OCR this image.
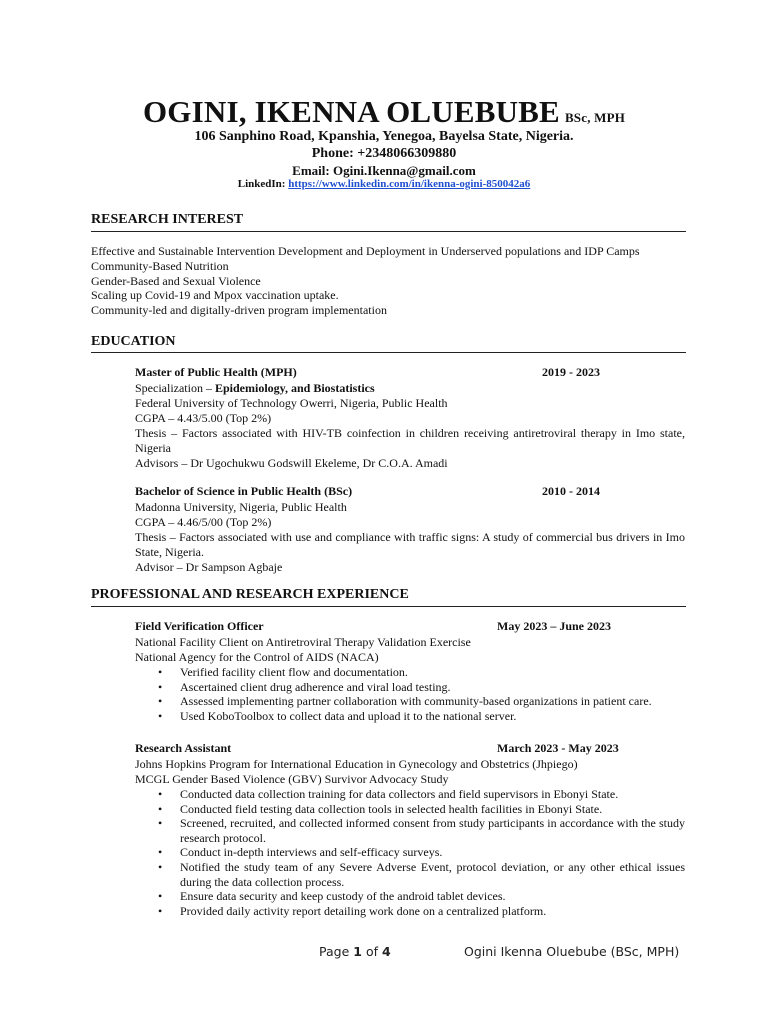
OGINI, IKENNA OLUEBUBE BSc, MPH
106 Sanphino Road, Kpanshia, Yenegoa, Bayelsa State, Nigeria.
Phone: +2348066309880
Email: Ogini.Ikenna@gmail.com
LinkedIn: https://www.linkedin.com/in/ikenna-ogini-850042a6
RESEARCH INTEREST
Effective and Sustainable Intervention Development and Deployment in Underserved populations and IDP Camps
Community-Based Nutrition
Gender-Based and Sexual Violence
Scaling up Covid-19 and Mpox vaccination uptake.
Community-led and digitally-driven program implementation
EDUCATION
Master of Public Health (MPH)	2019 - 2023
Specialization – Epidemiology, and Biostatistics
Federal University of Technology Owerri, Nigeria, Public Health
CGPA – 4.43/5.00 (Top 2%)
Thesis – Factors associated with HIV-TB coinfection in children receiving antiretroviral therapy in Imo state, Nigeria
Advisors – Dr Ugochukwu Godswill Ekeleme, Dr C.O.A. Amadi
Bachelor of Science in Public Health (BSc)	2010 - 2014
Madonna University, Nigeria, Public Health
CGPA – 4.46/5/00 (Top 2%)
Thesis – Factors associated with use and compliance with traffic signs: A study of commercial bus drivers in Imo State, Nigeria.
Advisor – Dr Sampson Agbaje
PROFESSIONAL AND RESEARCH EXPERIENCE
Field Verification Officer	May 2023 – June 2023
National Facility Client on Antiretroviral Therapy Validation Exercise
National Agency for the Control of AIDS (NACA)
• Verified facility client flow and documentation.
• Ascertained client drug adherence and viral load testing.
• Assessed implementing partner collaboration with community-based organizations in patient care.
• Used KoboToolbox to collect data and upload it to the national server.
Research Assistant	March 2023 - May 2023
Johns Hopkins Program for International Education in Gynecology and Obstetrics (Jhpiego)
MCGL Gender Based Violence (GBV) Survivor Advocacy Study
• Conducted data collection training for data collectors and field supervisors in Ebonyi State.
• Conducted field testing data collection tools in selected health facilities in Ebonyi State.
• Screened, recruited, and collected informed consent from study participants in accordance with the study research protocol.
• Conduct in-depth interviews and self-efficacy surveys.
• Notified the study team of any Severe Adverse Event, protocol deviation, or any other ethical issues during the data collection process.
• Ensure data security and keep custody of the android tablet devices.
• Provided daily activity report detailing work done on a centralized platform.
Page 1 of 4	Ogini Ikenna Oluebube (BSc, MPH)
